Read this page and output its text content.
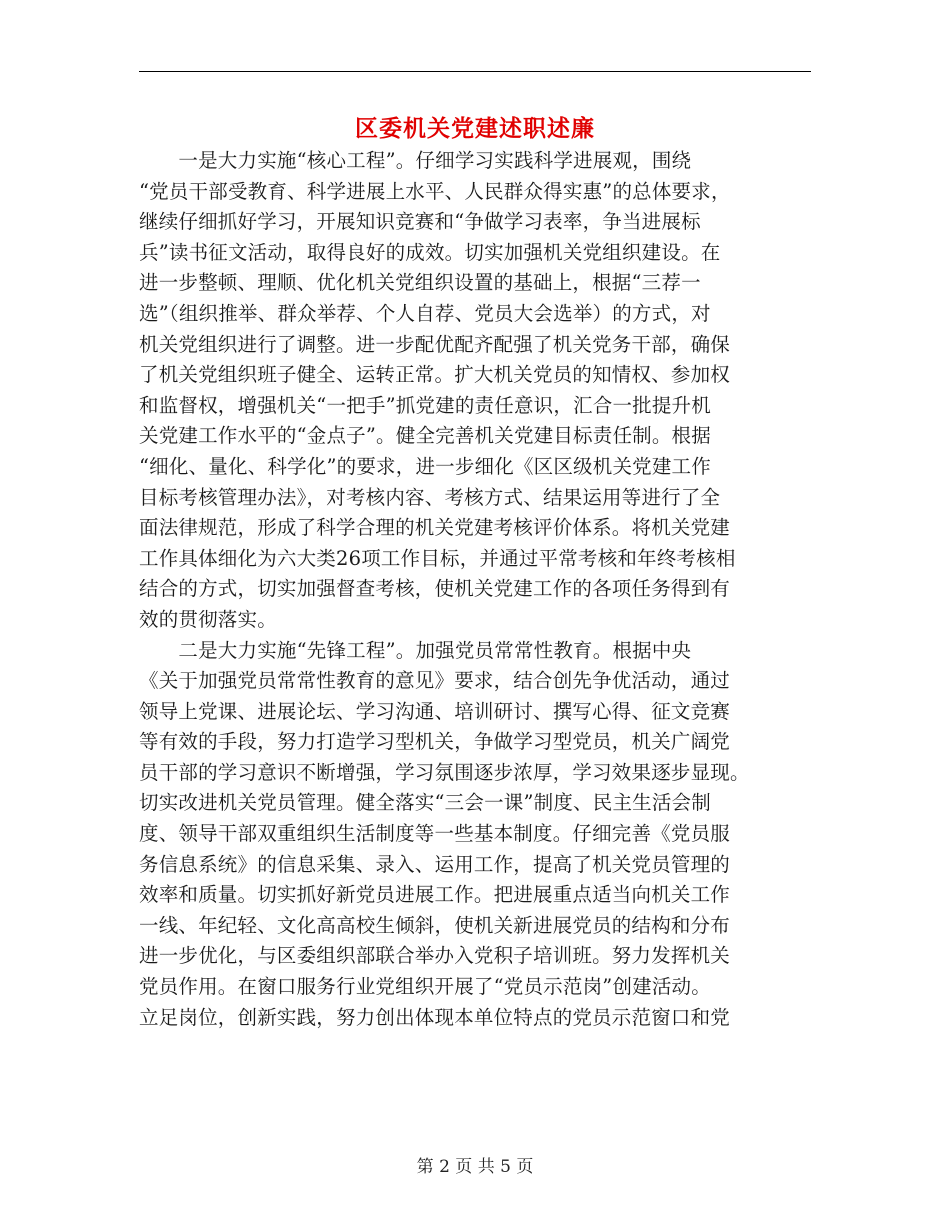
区委机关党建述职述廉
　　一是大力实施“核心工程”。仔细学习实践科学进展观，围绕
“党员干部受教育、科学进展上水平、人民群众得实惠”的总体要求，
继续仔细抓好学习，开展知识竞赛和“争做学习表率，争当进展标
兵”读书征文活动，取得良好的成效。切实加强机关党组织建设。在
进一步整顿、理顺、优化机关党组织设置的基础上，根据“三荐一
选”（组织推举、群众举荐、个人自荐、党员大会选举）的方式，对
机关党组织进行了调整。进一步配优配齐配强了机关党务干部，确保
了机关党组织班子健全、运转正常。扩大机关党员的知情权、参加权
和监督权，增强机关“一把手”抓党建的责任意识，汇合一批提升机
关党建工作水平的“金点子”。健全完善机关党建目标责任制。根据
“细化、量化、科学化”的要求，进一步细化《区区级机关党建工作
目标考核管理办法》，对考核内容、考核方式、结果运用等进行了全
面法律规范，形成了科学合理的机关党建考核评价体系。将机关党建
工作具体细化为六大类26项工作目标，并通过平常考核和年终考核相
结合的方式，切实加强督查考核，使机关党建工作的各项任务得到有
效的贯彻落实。
　　二是大力实施“先锋工程”。加强党员常常性教育。根据中央
《关于加强党员常常性教育的意见》要求，结合创先争优活动，通过
领导上党课、进展论坛、学习沟通、培训研讨、撰写心得、征文竞赛
等有效的手段，努力打造学习型机关，争做学习型党员，机关广阔党
员干部的学习意识不断增强，学习氛围逐步浓厚，学习效果逐步显现。
切实改进机关党员管理。健全落实“三会一课”制度、民主生活会制
度、领导干部双重组织生活制度等一些基本制度。仔细完善《党员服
务信息系统》的信息采集、录入、运用工作，提高了机关党员管理的
效率和质量。切实抓好新党员进展工作。把进展重点适当向机关工作
一线、年纪轻、文化高高校生倾斜，使机关新进展党员的结构和分布
进一步优化，与区委组织部联合举办入党积子培训班。努力发挥机关
党员作用。在窗口服务行业党组织开展了“党员示范岗”创建活动。
立足岗位，创新实践，努力创出体现本单位特点的党员示范窗口和党
第 2 页 共 5 页
